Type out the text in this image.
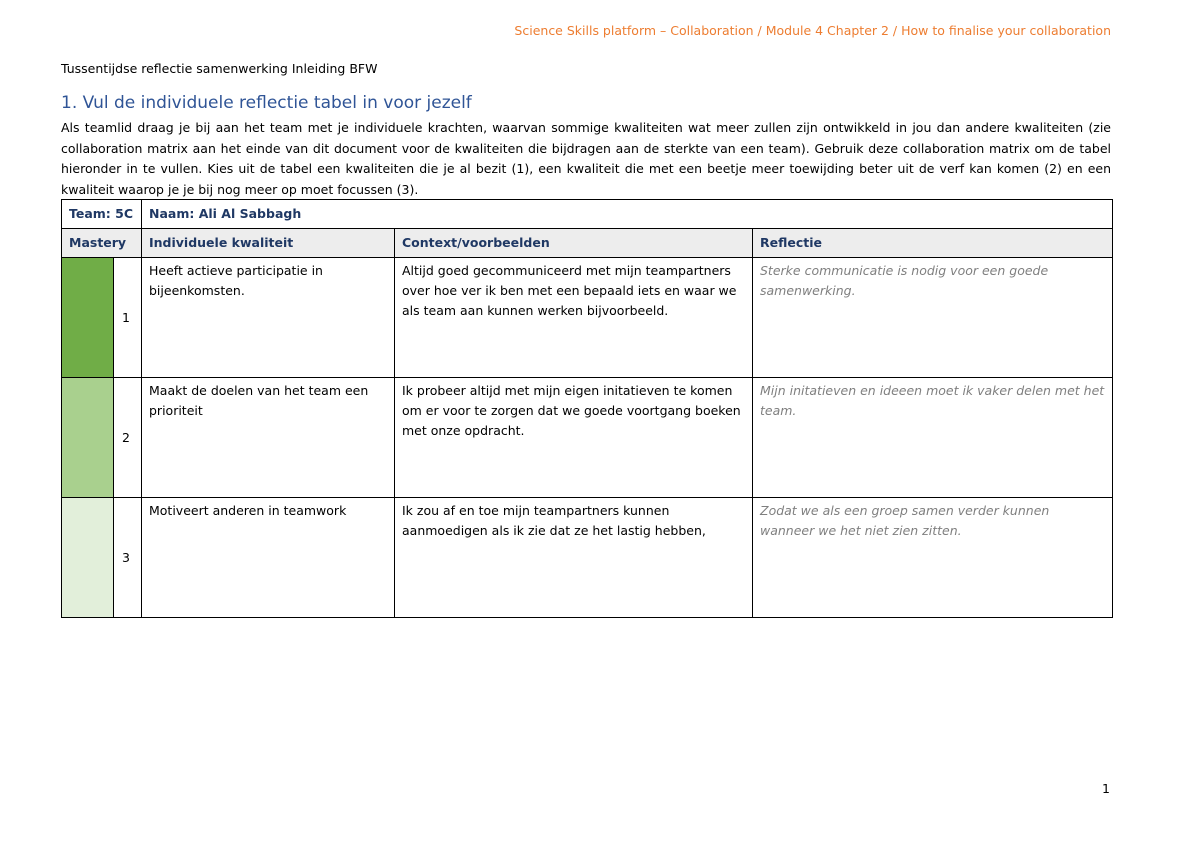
Science Skills platform – Collaboration / Module 4 Chapter 2 / How to finalise your collaboration
Tussentijdse reflectie samenwerking Inleiding BFW
1. Vul de individuele reflectie tabel in voor jezelf
Als teamlid draag je bij aan het team met je individuele krachten, waarvan sommige kwaliteiten wat meer zullen zijn ontwikkeld in jou dan andere kwaliteiten (zie collaboration matrix aan het einde van dit document voor de kwaliteiten die bijdragen aan de sterkte van een team). Gebruik deze collaboration matrix om de tabel hieronder in te vullen. Kies uit de tabel een kwaliteiten die je al bezit (1), een kwaliteit die met een beetje meer toewijding beter uit de verf kan komen (2) en een kwaliteit waarop je je bij nog meer op moet focussen (3).
Team: 5C		Naam: Ali Al Sabbagh		
Mastery		Individuele kwaliteit	Context/voorbeelden	Reflectie
	1	Heeft actieve participatie in bijeenkomsten.	Altijd goed gecommuniceerd met mijn teampartners over hoe ver ik ben met een bepaald iets en waar we als team aan kunnen werken bijvoorbeeld.	Sterke communicatie is nodig voor een goede samenwerking.
	2	Maakt de doelen van het team een prioriteit	Ik probeer altijd met mijn eigen initatieven te komen om er voor te zorgen dat we goede voortgang boeken met onze opdracht.	Mijn initatieven en ideeen moet ik vaker delen met het team.
	3	Motiveert anderen in teamwork	Ik zou af en toe mijn teampartners kunnen aanmoedigen als ik zie dat ze het lastig hebben,	Zodat we als een groep samen verder kunnen wanneer we het niet zien zitten.
1
